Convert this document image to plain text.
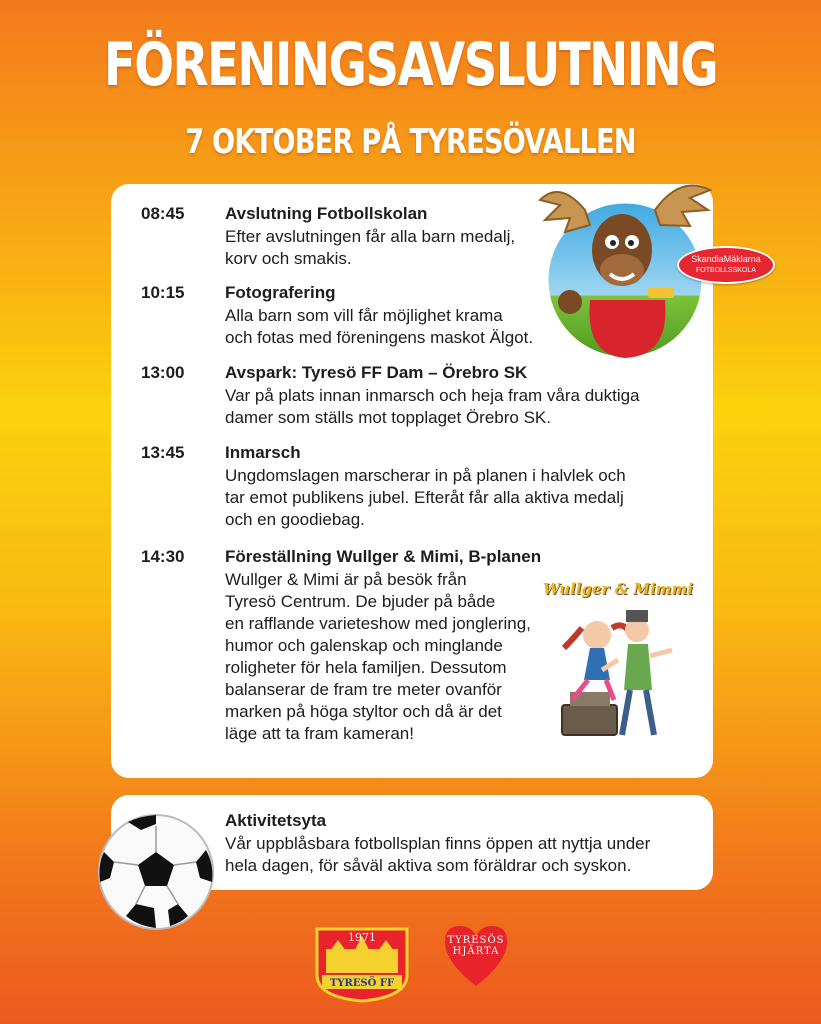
FÖRENINGSAVSLUTNING
7 OKTOBER PÅ TYRESÖVALLEN
08:45 Avslutning Fotbollskolan
Efter avslutningen får alla barn medalj,
korv och smakis.
10:15 Fotografering
Alla barn som vill får möjlighet krama
och fotas med föreningens maskot Älgot.
13:00 Avspark: Tyresö FF Dam – Örebro SK
Var på plats innan inmarsch och heja fram våra duktiga
damer som ställs mot topplaget Örebro SK.
13:45 Inmarsch
Ungdomslagen marscherar in på planen i halvlek och
tar emot publikens jubel. Efteråt får alla aktiva medalj
och en goodiebag.
14:30 Föreställning Wullger & Mimi, B-planen
Wullger & Mimi är på besök från
Tyresö Centrum. De bjuder på både
en rafflande varieteshow med jonglering,
humor och galenskap och minglande
roligheter för hela familjen. Dessutom
balanserar de fram tre meter ovanför
marken på höga styltor och då är det
läge att ta fram kameran!
SkandiaMäklarna
FOTBOLLSSKOLA
Wullger & Mimmi
Aktivitetsyta
Vår uppblåsbara fotbollsplan finns öppen att nyttja under
hela dagen, för såväl aktiva som föräldrar och syskon.
1971
TYRESÖ FF
TYRESÖS
HJÄRTA
